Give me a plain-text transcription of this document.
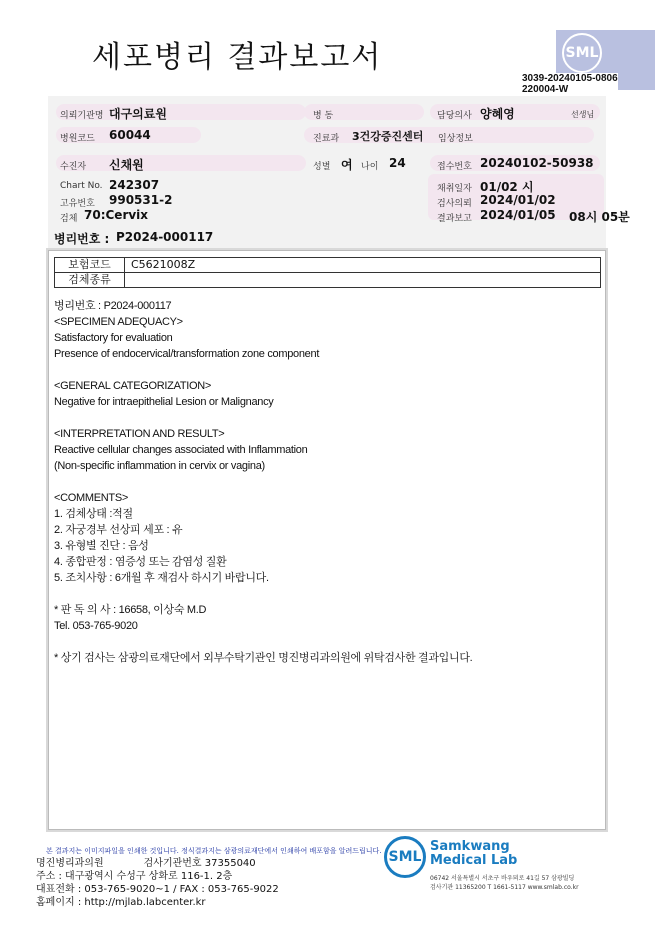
세포병리 결과보고서	SML
3039-20240105-0806
220004-W
의뢰기관명 대구의료원	병 동	담당의사 양혜영	선생님
병원코드 60044	진료과 3건강증진센터 임상정보
수진자 신채원	성별 여 나이 24	접수번호 20240102-50938
Chart No. 242307
고유번호 990531-2
검체 70:Cervix
채취일자 01/02 시
검사의뢰 2024/01/02
결과보고 2024/01/05 08시 05분
병리번호 : P2024-000117
보험코드	C5621008Z
검체종류	
병리번호 : P2024-000117
<SPECIMEN ADEQUACY>
Satisfactory for evaluation
Presence of endocervical/transformation zone component
<GENERAL CATEGORIZATION>
Negative for intraepithelial Lesion or Malignancy
<INTERPRETATION AND RESULT>
Reactive cellular changes associated with Inflammation
(Non-specific inflammation in cervix or vagina)
<COMMENTS>
1. 검체상태 :적절
2. 자궁경부 선상피 세포 : 유
3. 유형별 진단 : 음성
4. 종합판정 : 염증성 또는 감염성 질환
5. 조치사항 : 6개월 후 재검사 하시기 바랍니다.
* 판 독 의 사 : 16658, 이상숙 M.D
Tel. 053-765-9020
* 상기 검사는 삼광의료재단에서 외부수탁기관인 명진병리과의원에 위탁검사한 결과입니다.
본 결과지는 이미지파일을 인쇄한 것입니다. 정식결과지는 삼광의료재단에서 인쇄하여 배포함을 알려드립니다.
명진병리과의원	검사기관번호 37355040
주소 : 대구광역시 수성구 상화로 116-1. 2층
대표전화 : 053-765-9020~1 / FAX : 053-765-9022
홈페이지 : http://mjlab.labcenter.kr
SML
Samkwang
Medical Lab
06742 서울특별시 서초구 바우뫼로 41길 57 삼광빌딩
검사기관 11365200 T 1661-5117 www.smlab.co.kr
